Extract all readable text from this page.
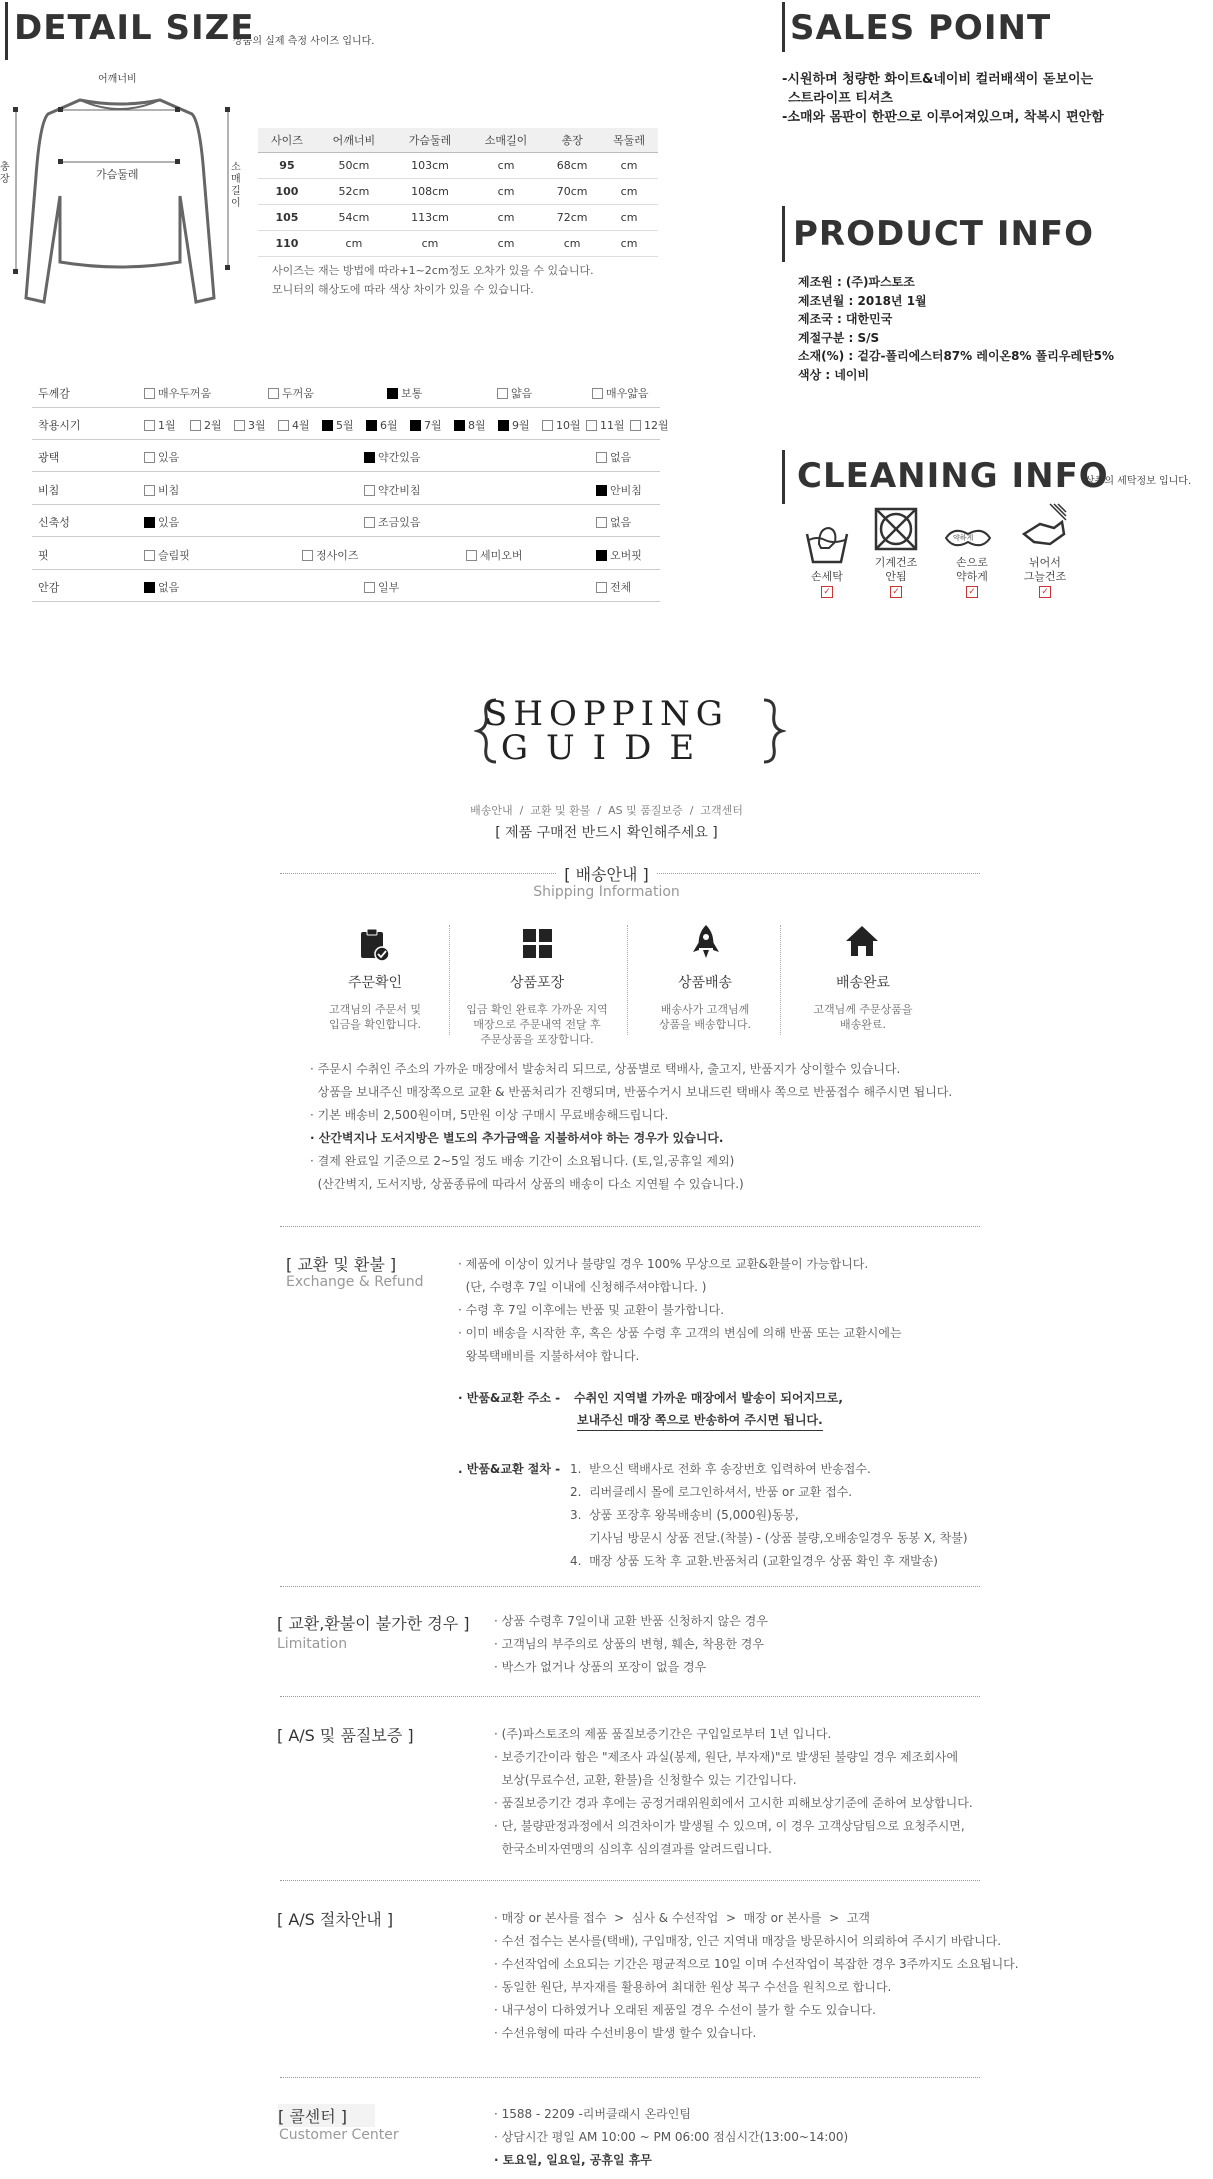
DETAIL SIZE
상품의 실제 측정 사이즈 입니다.
어깨너비
가슴둘레
소매길이
총장
사이즈	어깨너비	가슴둘레	소매길이	총장	목둘레
95	50cm	103cm	cm	68cm	cm
100	52cm	108cm	cm	70cm	cm
105	54cm	113cm	cm	72cm	cm
110	cm	cm	cm	cm	cm
사이즈는 재는 방법에 따라+1~2cm정도 오차가 있을 수 있습니다.
모니터의 해상도에 따라 색상 차이가 있을 수 있습니다.
두께감	매우두꺼움	두꺼움	보통	얇음	매우얇음
착용시기	1월	2월	3월	4월	5월	6월	7월	8월	9월	10월	11월	12월
광택	있음	약간있음	없음
비침	비침	약간비침	안비침
신축성	있음	조금있음	없음
핏	슬림핏	정사이즈	세미오버	오버핏
안감	없음	일부	전체
SALES POINT
-시원하며 청량한 화이트&네이비 컬러배색이 돋보이는
스트라이프 티셔츠
-소매와 몸판이 한판으로 이루어져있으며, 착복시 편안함
PRODUCT INFO
제조원 : (주)파스토조
제조년월 : 2018년 1월
제조국 : 대한민국
계절구분 : S/S
소재(%) : 겉감-폴리에스터87% 레이온8% 폴리우레탄5%
색상 : 네이비
CLEANING INFO
상품의 세탁정보 입니다.
약하게
손세탁
✓
기계건조
안됨
✓
손으로
약하게
✓
뉘어서
그늘건조
✓
SHOPPING
GUIDE
배송안내  /  교환 및 환불  /  AS 및 품질보증  /  고객센터
[ 제품 구매전 반드시 확인해주세요 ]
[ 배송안내 ]
Shipping Information
주문확인
고객님의 주문서 및
입금을 확인합니다.
상품포장
입금 확인 완료후 가까운 지역
매장으로 주문내역 전달 후
주문상품을 포장합니다.
상품배송
배송사가 고객님께
상품을 배송합니다.
배송완료
고객님께 주문상품을
배송완료.
· 주문시 수취인 주소의 가까운 매장에서 발송처리 되므로, 상품별로 택배사, 출고지, 반품지가 상이할수 있습니다.
상품을 보내주신 매장쪽으로 교환 & 반품처리가 진행되며, 반품수거시 보내드린 택배사 쪽으로 반품접수 해주시면 됩니다.
· 기본 배송비 2,500원이며, 5만원 이상 구매시 무료배송해드립니다.
· 산간벽지나 도서지방은 별도의 추가금액을 지불하셔야 하는 경우가 있습니다.
· 결제 완료일 기준으로 2~5일 정도 배송 기간이 소요됩니다. (토,일,공휴일 제외)
(산간벽지, 도서지방, 상품종류에 따라서 상품의 배송이 다소 지연될 수 있습니다.)
[ 교환 및 환불 ]
Exchange & Refund
· 제품에 이상이 있거나 불량일 경우 100% 무상으로 교환&환불이 가능합니다.
(단, 수령후 7일 이내에 신청해주셔야합니다. )
· 수령 후 7일 이후에는 반품 및 교환이 불가합니다.
· 이미 배송을 시작한 후, 혹은 상품 수령 후 고객의 변심에 의해 반품 또는 교환시에는
왕복택배비를 지불하셔야 합니다.
· 반품&교환 주소 - 수취인 지역별 가까운 매장에서 발송이 되어지므로,
보내주신 매장 쪽으로 반송하여 주시면 됩니다.
. 반품&교환 절차 - 1.  받으신 택배사로 전화 후 송장번호 입력하여 반송접수.
2.  리버클레시 몰에 로그인하셔서, 반품 or 교환 접수.
3.  상품 포장후 왕복배송비 (5,000원)동봉,
기사님 방문시 상품 전달.(착불) - (상품 불량,오배송일경우 동봉 X, 착불)
4.  매장 상품 도착 후 교환.반품처리 (교환일경우 상품 확인 후 재발송)
[ 교환,환불이 불가한 경우 ]
Limitation
· 상품 수령후 7일이내 교환 반품 신청하지 않은 경우
· 고객님의 부주의로 상품의 변형, 훼손, 착용한 경우
· 박스가 없거나 상품의 포장이 없을 경우
[ A/S 및 품질보증 ]	· (주)파스토조의 제품 품질보증기간은 구입일로부터 1년 입니다.
· 보증기간이라 함은 "제조사 과실(봉제, 원단, 부자재)"로 발생된 불량일 경우 제조회사에
보상(무료수선, 교환, 환불)을 신청할수 있는 기간입니다.
· 품질보증기간 경과 후에는 공정거래위원회에서 고시한 피해보상기준에 준하여 보상합니다.
· 단, 불량판정과정에서 의견차이가 발생될 수 있으며, 이 경우 고객상담팀으로 요청주시면,
한국소비자연맹의 심의후 심의결과를 알려드립니다.
[ A/S 절차안내 ]	· 매장 or 본사를 접수  >  심사 & 수선작업  >  매장 or 본사를  >  고객
· 수선 접수는 본사를(택배), 구입매장, 인근 지역내 매장을 방문하시어 의뢰하여 주시기 바랍니다.
· 수선작업에 소요되는 기간은 평균적으로 10일 이며 수선작업이 복잡한 경우 3주까지도 소요됩니다.
· 동일한 원단, 부자재를 활용하여 최대한 원상 복구 수선을 원칙으로 합니다.
· 내구성이 다하였거나 오래된 제품일 경우 수선이 불가 할 수도 있습니다.
· 수선유형에 따라 수선비용이 발생 할수 있습니다.
[ 콜센터 ]
Customer Center
· 1588 - 2209 -리버클래시 온라인팀
· 상담시간 평일 AM 10:00 ~ PM 06:00 점심시간(13:00~14:00)
· 토요일, 일요일, 공휴일 휴무
